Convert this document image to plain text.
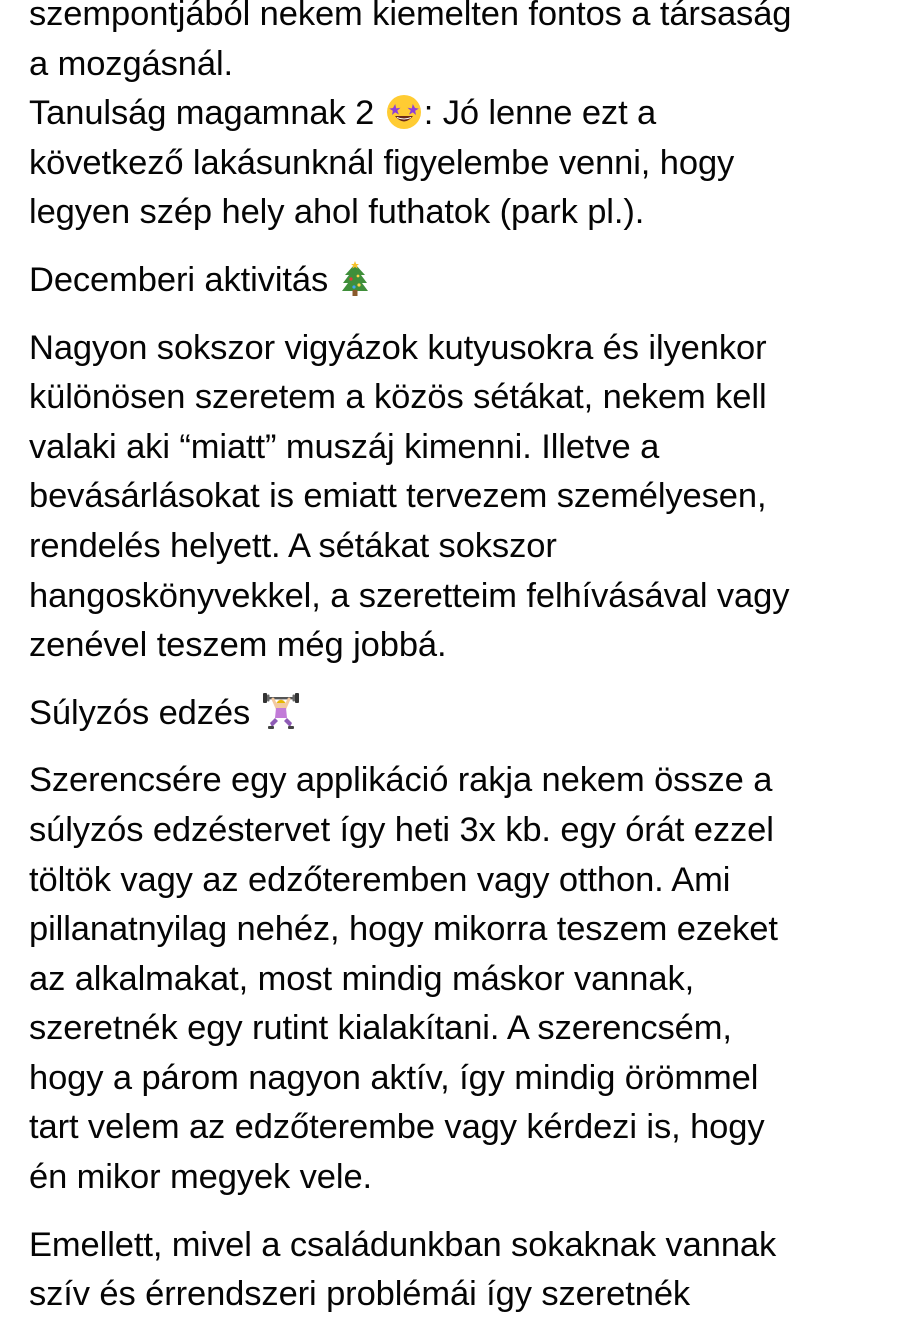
szempontjából nekem kiemelten fontos a társaság
a mozgásnál.
Tanulság magamnak 2 : Jó lenne ezt a
következő lakásunknál figyelembe venni, hogy
legyen szép hely ahol futhatok (park pl.).
Decemberi aktivitás
Nagyon sokszor vigyázok kutyusokra és ilyenkor
különösen szeretem a közös sétákat, nekem kell
valaki aki “miatt” muszáj kimenni. Illetve a
bevásárlásokat is emiatt tervezem személyesen,
rendelés helyett. A sétákat sokszor
hangoskönyvekkel, a szeretteim felhívásával vagy
zenével teszem még jobbá.
Súlyzós edzés
Szerencsére egy applikáció rakja nekem össze a
súlyzós edzéstervet így heti 3x kb. egy órát ezzel
töltök vagy az edzőteremben vagy otthon. Ami
pillanatnyilag nehéz, hogy mikorra teszem ezeket
az alkalmakat, most mindig máskor vannak,
szeretnék egy rutint kialakítani. A szerencsém,
hogy a párom nagyon aktív, így mindig örömmel
tart velem az edzőterembe vagy kérdezi is, hogy
én mikor megyek vele.
Emellett, mivel a családunkban sokaknak vannak
szív és érrendszeri problémái így szeretnék
